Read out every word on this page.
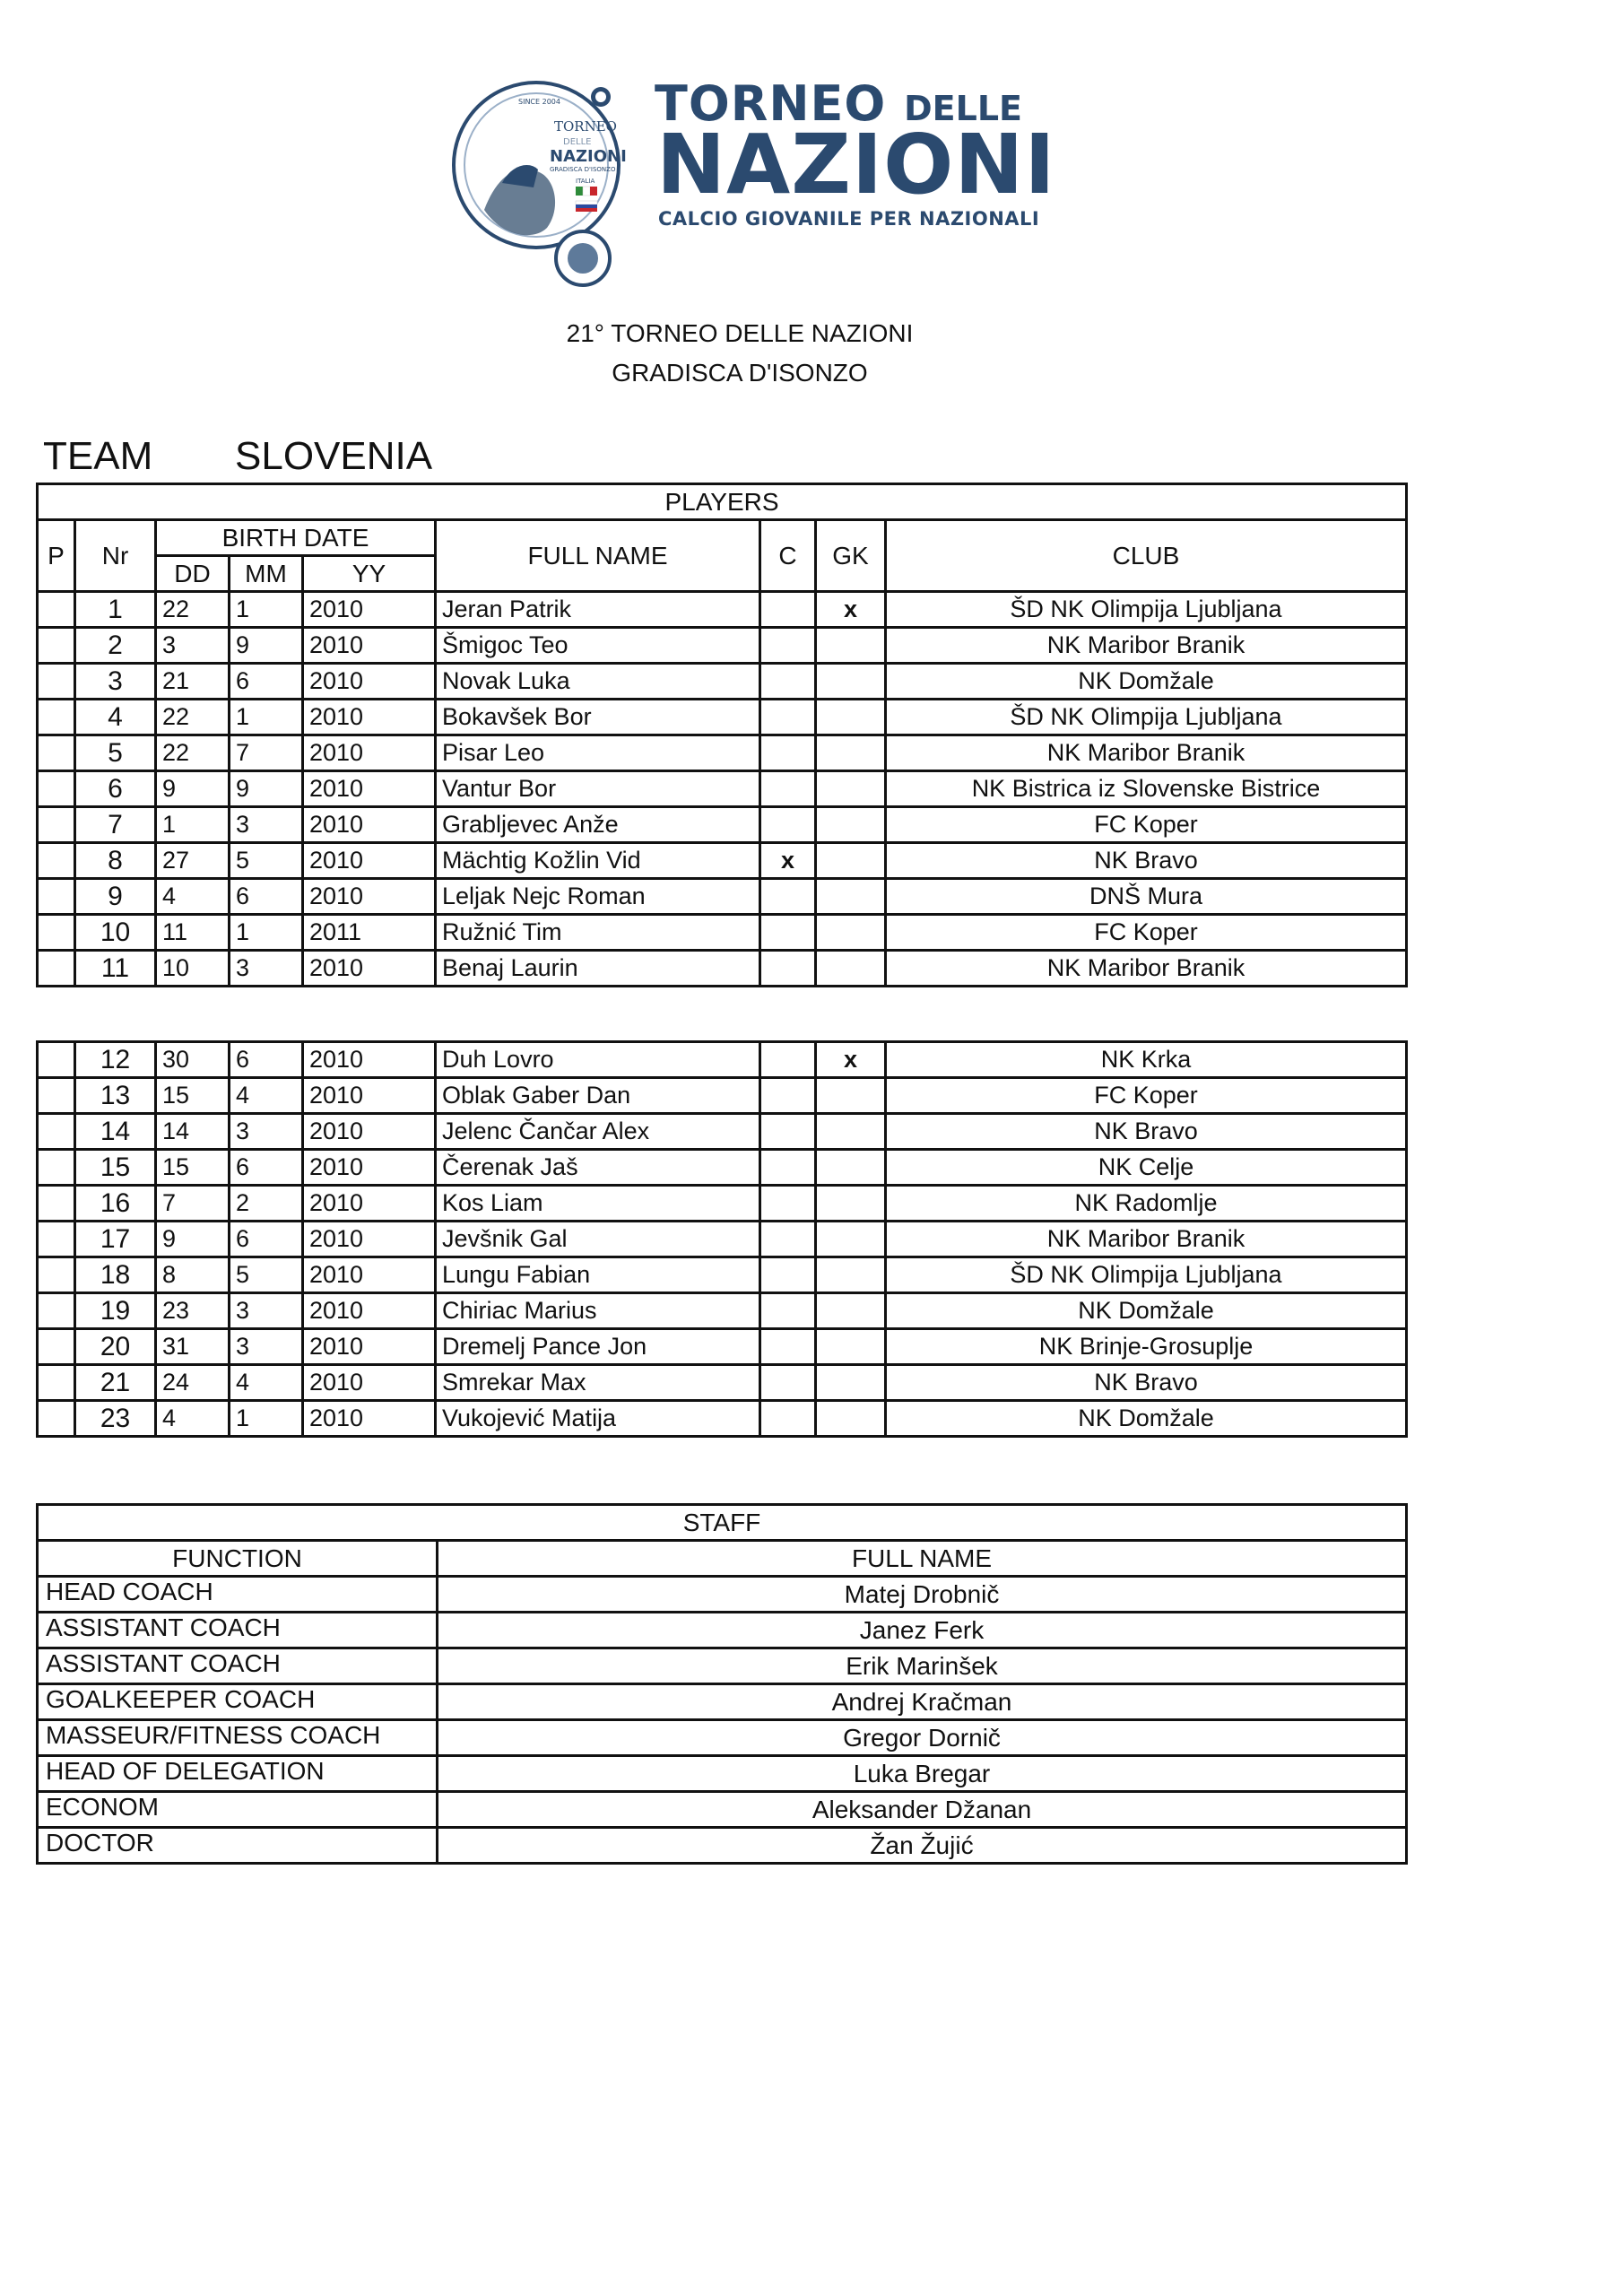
TORNEO
DELLE
NAZIONI
GRADISCA D'ISONZO
SINCE 2004
ITALIA
TORNEO DELLE
NAZIONI
CALCIO GIOVANILE PER NAZIONALI
21° TORNEO DELLE NAZIONI
GRADISCA D'ISONZO
TEAM SLOVENIA
PLAYERS								
P	Nr	BIRTH DATE			FULL NAME	C	GK	CLUB
		DD	MM	YY				
	1	22	1	2010	Jeran Patrik		x	ŠD NK Olimpija Ljubljana
	2	3	9	2010	Šmigoc Teo			NK Maribor Branik
	3	21	6	2010	Novak Luka			NK Domžale
	4	22	1	2010	Bokavšek Bor			ŠD NK Olimpija Ljubljana
	5	22	7	2010	Pisar Leo			NK Maribor Branik
	6	9	9	2010	Vantur Bor			NK Bistrica iz Slovenske Bistrice
	7	1	3	2010	Grabljevec Anže			FC Koper
	8	27	5	2010	Mächtig Kožlin Vid	x		NK Bravo
	9	4	6	2010	Leljak Nejc Roman			DNŠ Mura
	10	11	1	2011	Ružnić Tim			FC Koper
	11	10	3	2010	Benaj Laurin			NK Maribor Branik
	12	30	6	2010	Duh Lovro		x	NK Krka
	13	15	4	2010	Oblak Gaber Dan			FC Koper
	14	14	3	2010	Jelenc Čančar Alex			NK Bravo
	15	15	6	2010	Čerenak Jaš			NK Celje
	16	7	2	2010	Kos Liam			NK Radomlje
	17	9	6	2010	Jevšnik Gal			NK Maribor Branik
	18	8	5	2010	Lungu Fabian			ŠD NK Olimpija Ljubljana
	19	23	3	2010	Chiriac Marius			NK Domžale
	20	31	3	2010	Dremelj Pance Jon			NK Brinje-Grosuplje
	21	24	4	2010	Smrekar Max			NK Bravo
	23	4	1	2010	Vukojević Matija			NK Domžale
STAFF	
FUNCTION	FULL NAME
HEAD COACH	Matej Drobnič
ASSISTANT COACH	Janez Ferk
ASSISTANT COACH	Erik Marinšek
GOALKEEPER COACH	Andrej Kračman
MASSEUR/FITNESS COACH	Gregor Dornič
HEAD OF DELEGATION	Luka Bregar
ECONOM	Aleksander Džanan
DOCTOR	Žan Žujić
